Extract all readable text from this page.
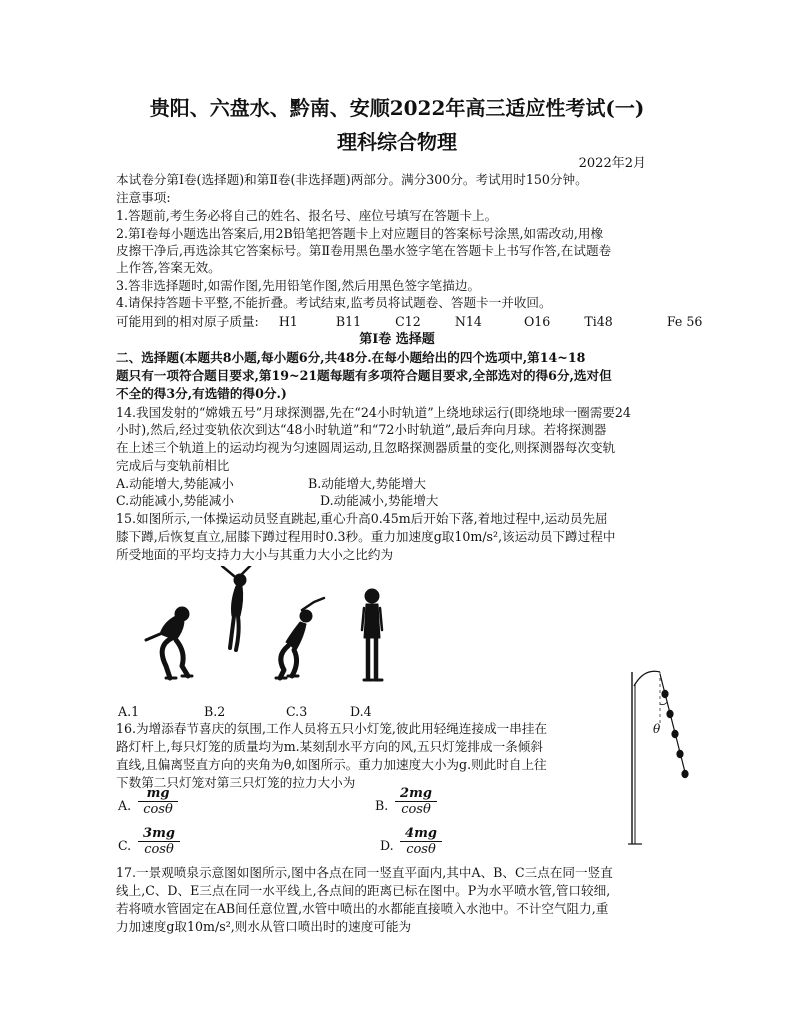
贵阳、六盘水、黔南、安顺2022年高三适应性考试(一)
理科综合物理
2022年2月
本试卷分第Ⅰ卷(选择题)和第Ⅱ卷(非选择题)两部分。满分300分。考试用时150分钟。
注意事项:
1.答题前,考生务必将自己的姓名、报名号、座位号填写在答题卡上。
2.第Ⅰ卷每小题选出答案后,用2B铅笔把答题卡上对应题目的答案标号涂黑,如需改动,用橡
皮擦干净后,再选涂其它答案标号。第Ⅱ卷用黑色墨水签字笔在答题卡上书写作答,在试题卷
上作答,答案无效。
3.答非选择题时,如需作图,先用铅笔作图,然后用黑色签字笔描边。
4.请保持答题卡平整,不能折叠。考试结束,监考员将试题卷、答题卡一并收回。
可能用到的相对原子质量: H1	B11	C12	N14	O16	Ti48	Fe 56
第Ⅰ卷 选择题
二、选择题(本题共8小题,每小题6分,共48分.在每小题给出的四个选项中,第14~18
题只有一项符合题目要求,第19~21题每题有多项符合题目要求,全部选对的得6分,选对但
不全的得3分,有选错的得0分.)
14.我国发射的“嫦娥五号”月球探测器,先在“24小时轨道”上绕地球运行(即绕地球一圈需要24
小时),然后,经过变轨依次到达“48小时轨道”和“72小时轨道”,最后奔向月球。若将探测器
在上述三个轨道上的运动均视为匀速圆周运动,且忽略探测器质量的变化,则探测器每次变轨
完成后与变轨前相比
A.动能增大,势能减小	B.动能增大,势能增大
C.动能减小,势能减小	D.动能减小,势能增大
15.如图所示,一体操运动员竖直跳起,重心升高0.45m后开始下落,着地过程中,运动员先屈
膝下蹲,后恢复直立,屈膝下蹲过程用时0.3秒。重力加速度g取10m/s²,该运动员下蹲过程中
所受地面的平均支持力大小与其重力大小之比约为
A.1	B.2	C.3	D.4
16.为增添春节喜庆的氛围,工作人员将五只小灯笼,彼此用轻绳连接成一串挂在
路灯杆上,每只灯笼的质量均为m.某刻刮水平方向的风,五只灯笼排成一条倾斜
直线,且偏离竖直方向的夹角为θ,如图所示。重力加速度大小为g.则此时自上往
下数第二只灯笼对第三只灯笼的拉力大小为
θ
A. $\frac{mg}{\cos\theta}$	B. $\frac{2mg}{\cos\theta}$
C. $\frac{3mg}{\cos\theta}$	D. $\frac{4mg}{\cos\theta}$
17.一景观喷泉示意图如图所示,图中各点在同一竖直平面内,其中A、B、C三点在同一竖直
线上,C、D、E三点在同一水平线上,各点间的距离已标在图中。P为水平喷水管,管口较细,
若将喷水管固定在AB间任意位置,水管中喷出的水都能直接喷入水池中。不计空气阻力,重
力加速度g取10m/s²,则水从管口喷出时的速度可能为
